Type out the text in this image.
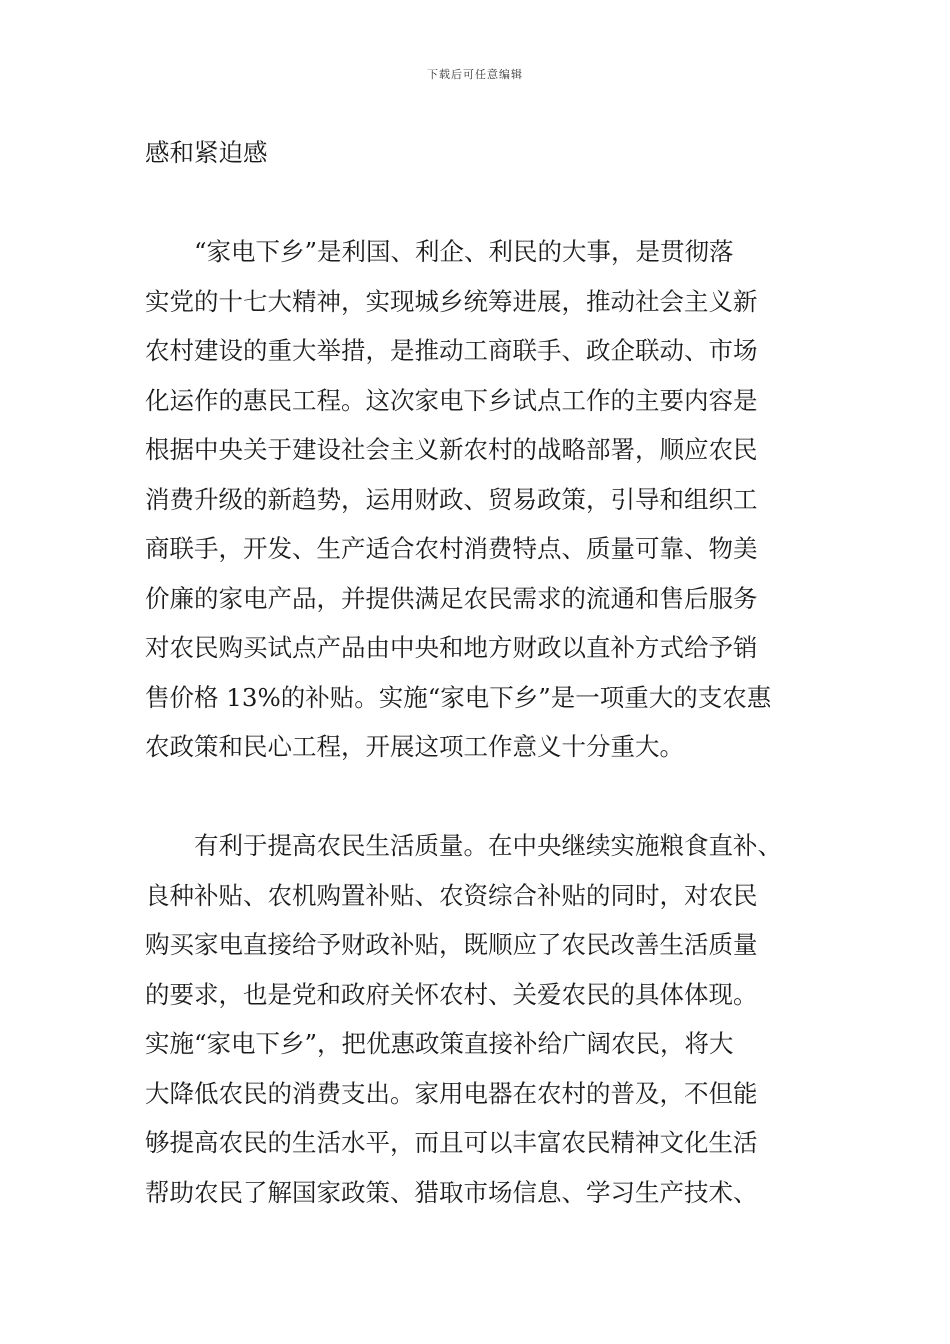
下载后可任意编辑
感和紧迫感
“家电下乡”是利国、利企、利民的大事，是贯彻落
实党的十七大精神，实现城乡统筹进展，推动社会主义新
农村建设的重大举措，是推动工商联手、政企联动、市场
化运作的惠民工程。这次家电下乡试点工作的主要内容是
根据中央关于建设社会主义新农村的战略部署，顺应农民
消费升级的新趋势，运用财政、贸易政策，引导和组织工
商联手，开发、生产适合农村消费特点、质量可靠、物美
价廉的家电产品，并提供满足农民需求的流通和售后服务
对农民购买试点产品由中央和地方财政以直补方式给予销
售价格 13%的补贴。实施“家电下乡”是一项重大的支农惠
农政策和民心工程，开展这项工作意义十分重大。
有利于提高农民生活质量。在中央继续实施粮食直补、
良种补贴、农机购置补贴、农资综合补贴的同时，对农民
购买家电直接给予财政补贴，既顺应了农民改善生活质量
的要求，也是党和政府关怀农村、关爱农民的具体体现。
实施“家电下乡”，把优惠政策直接补给广阔农民，将大
大降低农民的消费支出。家用电器在农村的普及，不但能
够提高农民的生活水平，而且可以丰富农民精神文化生活
帮助农民了解国家政策、猎取市场信息、学习生产技术、
